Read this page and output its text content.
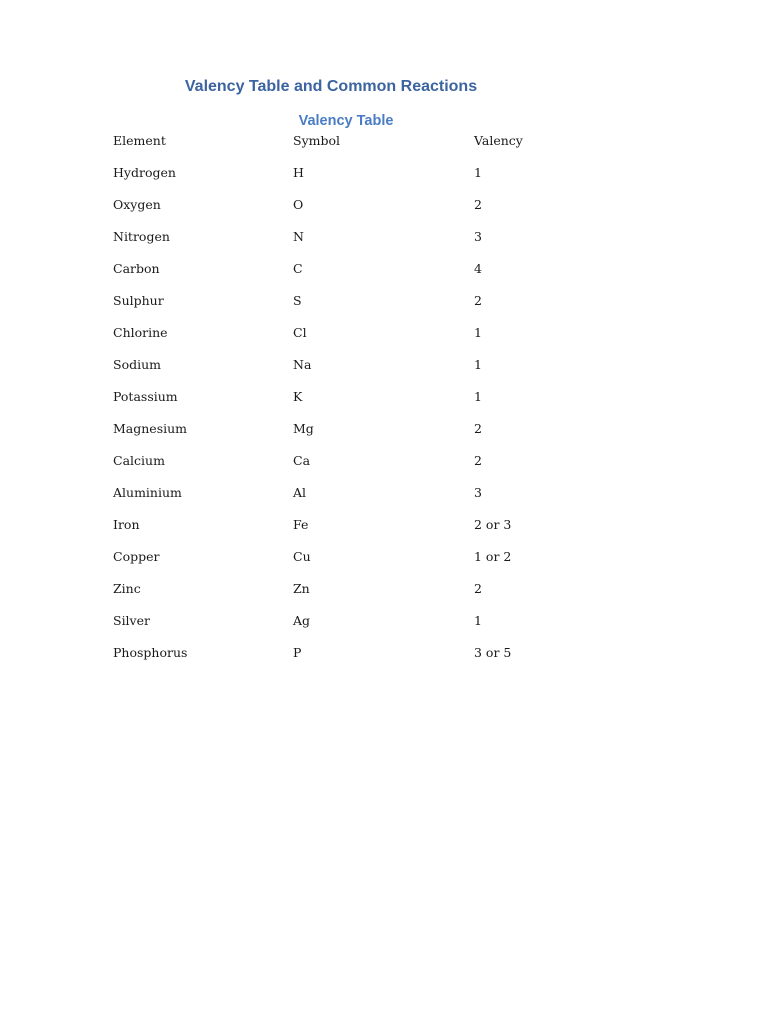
Valency Table and Common Reactions
Valency Table
Element	Symbol	Valency
Hydrogen	H	1
Oxygen	O	2
Nitrogen	N	3
Carbon	C	4
Sulphur	S	2
Chlorine	Cl	1
Sodium	Na	1
Potassium	K	1
Magnesium	Mg	2
Calcium	Ca	2
Aluminium	Al	3
Iron	Fe	2 or 3
Copper	Cu	1 or 2
Zinc	Zn	2
Silver	Ag	1
Phosphorus	P	3 or 5
